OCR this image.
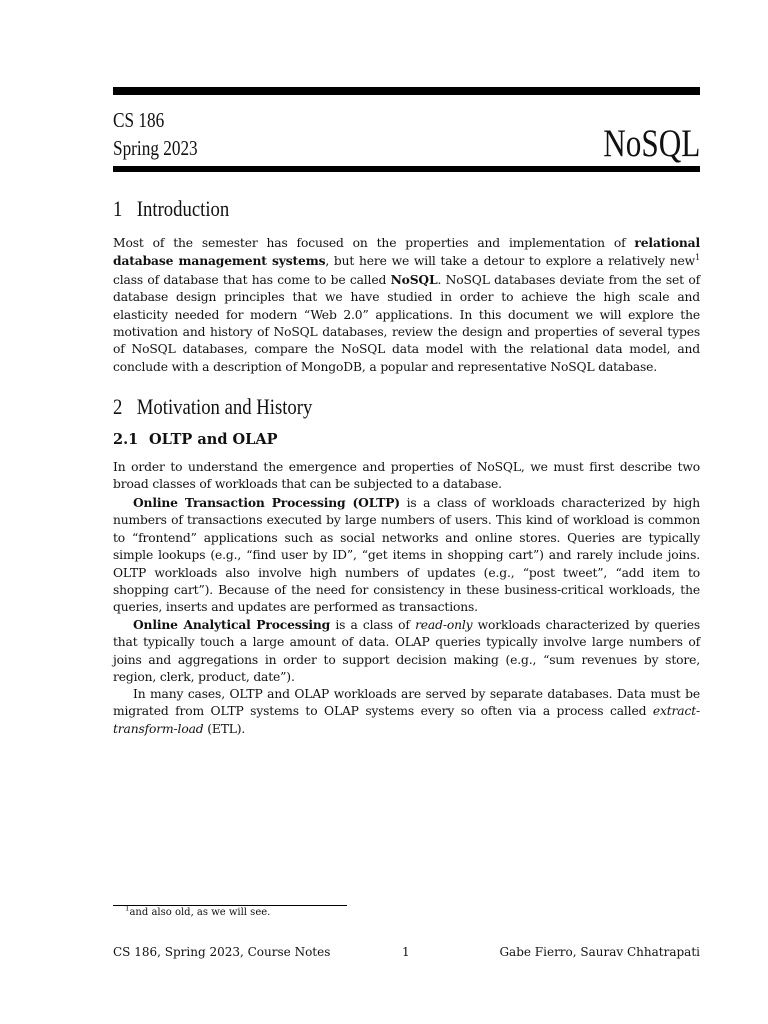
CS 186
Spring 2023	NoSQL
1 Introduction

Most of the semester has focused on the properties and implementation of relational database management systems, but here we will take a detour to explore a relatively new$^1$ class of database that has come to be called NoSQL. NoSQL databases deviate from the set of database design principles that we have studied in order to achieve the high scale and elasticity needed for modern “Web 2.0” applications. In this document we will explore the motivation and history of NoSQL databases, review the design and properties of several types of NoSQL databases, compare the NoSQL data model with the relational data model, and conclude with a description of MongoDB, a popular and representative NoSQL database.

2 Motivation and History
2.1 OLTP and OLAP

In order to understand the emergence and properties of NoSQL, we must first describe two broad classes of workloads that can be subjected to a database.

Online Transaction Processing (OLTP) is a class of workloads characterized by high numbers of transactions executed by large numbers of users. This kind of workload is common to “frontend” applications such as social networks and online stores. Queries are typically simple lookups (e.g., “find user by ID”, “get items in shopping cart”) and rarely include joins. OLTP workloads also involve high numbers of updates (e.g., “post tweet”, “add item to shopping cart”). Because of the need for consistency in these business-critical workloads, the queries, inserts and updates are performed as transactions.

Online Analytical Processing is a class of read-only workloads characterized by queries that typically touch a large amount of data. OLAP queries typically involve large numbers of joins and aggregations in order to support decision making (e.g., “sum revenues by store, region, clerk, product, date”).

In many cases, OLTP and OLAP workloads are served by separate databases. Data must be migrated from OLTP systems to OLAP systems every so often via a process called extract-transform-load (ETL).

$^1$and also old, as we will see.
CS 186, Spring 2023, Course Notes	1	Gabe Fierro, Saurav Chhatrapati
